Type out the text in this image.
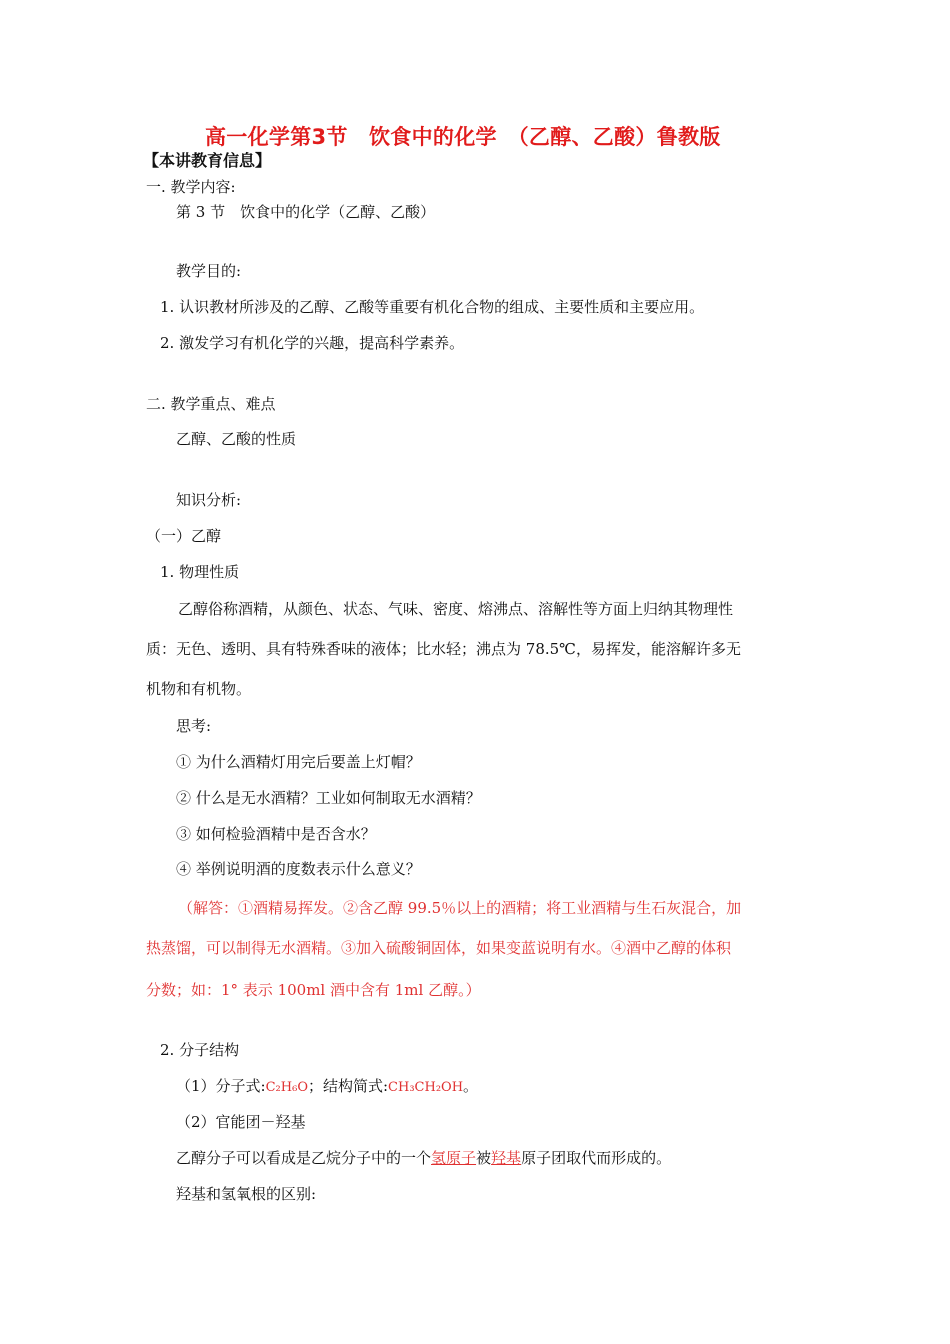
高一化学第3节　饮食中的化学　（乙醇、乙酸）鲁教版
【本讲教育信息】
一. 教学内容:
第 3 节　饮食中的化学（乙醇、乙酸）
教学目的:
1. 认识教材所涉及的乙醇、乙酸等重要有机化合物的组成、主要性质和主要应用。
2. 激发学习有机化学的兴趣，提高科学素养。
二. 教学重点、难点
乙醇、乙酸的性质
知识分析:
（一）乙醇
1. 物理性质
乙醇俗称酒精，从颜色、状态、气味、密度、熔沸点、溶解性等方面上归纳其物理性
质：无色、透明、具有特殊香味的液体；比水轻；沸点为 78.5℃，易挥发，能溶解许多无
机物和有机物。
思考:
① 为什么酒精灯用完后要盖上灯帽？
② 什么是无水酒精？工业如何制取无水酒精？
③ 如何检验酒精中是否含水？
④ 举例说明酒的度数表示什么意义？
（解答：①酒精易挥发。②含乙醇 99.5％以上的酒精；将工业酒精与生石灰混合，加
热蒸馏，可以制得无水酒精。③加入硫酸铜固体，如果变蓝说明有水。④酒中乙醇的体积
分数；如：1° 表示 100ml 酒中含有 1ml 乙醇。）
2. 分子结构
（1）分子式:C₂H₆O；结构简式:CH₃CH₂OH。
（2）官能团－羟基
乙醇分子可以看成是乙烷分子中的一个氢原子被羟基原子团取代而形成的。
羟基和氢氧根的区别:
